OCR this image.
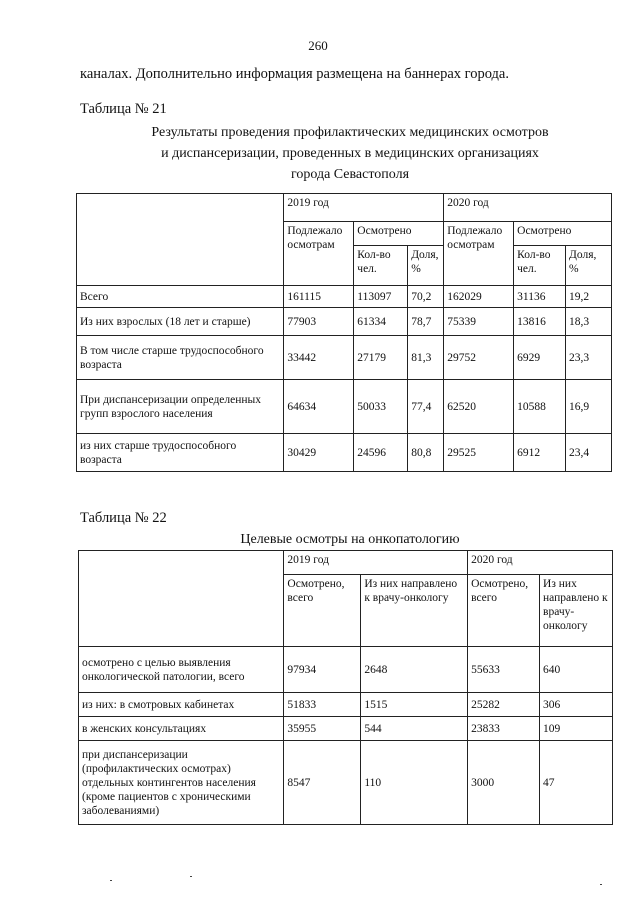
260
каналах. Дополнительно информация размещена на баннерах города.
Таблица № 21
Результаты проведения профилактических медицинских осмотров
и диспансеризации, проведенных в медицинских организациях
города Севастополя
	2019 год			2020 год		
	Подлежало осмотрам	Осмотрено		Подлежало осмотрам	Осмотрено	
		Кол-во чел.	Доля, %		Кол-во чел.	Доля, %
Всего	161115	113097	70,2	162029	31136	19,2
Из них взрослых (18 лет и старше)	77903	61334	78,7	75339	13816	18,3
В том числе старше трудоспособного возраста	33442	27179	81,3	29752	6929	23,3
При диспансеризации определенных групп взрослого населения	64634	50033	77,4	62520	10588	16,9
из них старше трудоспособного возраста	30429	24596	80,8	29525	6912	23,4
Таблица № 22
Целевые осмотры на онкопатологию
	2019 год		2020 год	
	Осмотрено, всего	Из них направлено к врачу-онкологу	Осмотрено, всего	Из них направлено к врачу-онкологу
осмотрено с целью выявления онкологической патологии, всего	97934	2648	55633	640
из них: в смотровых кабинетах	51833	1515	25282	306
в женских консультациях	35955	544	23833	109
при диспансеризации (профилактических осмотрах) отдельных контингентов населения (кроме пациентов с хроническими заболеваниями)	8547	110	3000	47
